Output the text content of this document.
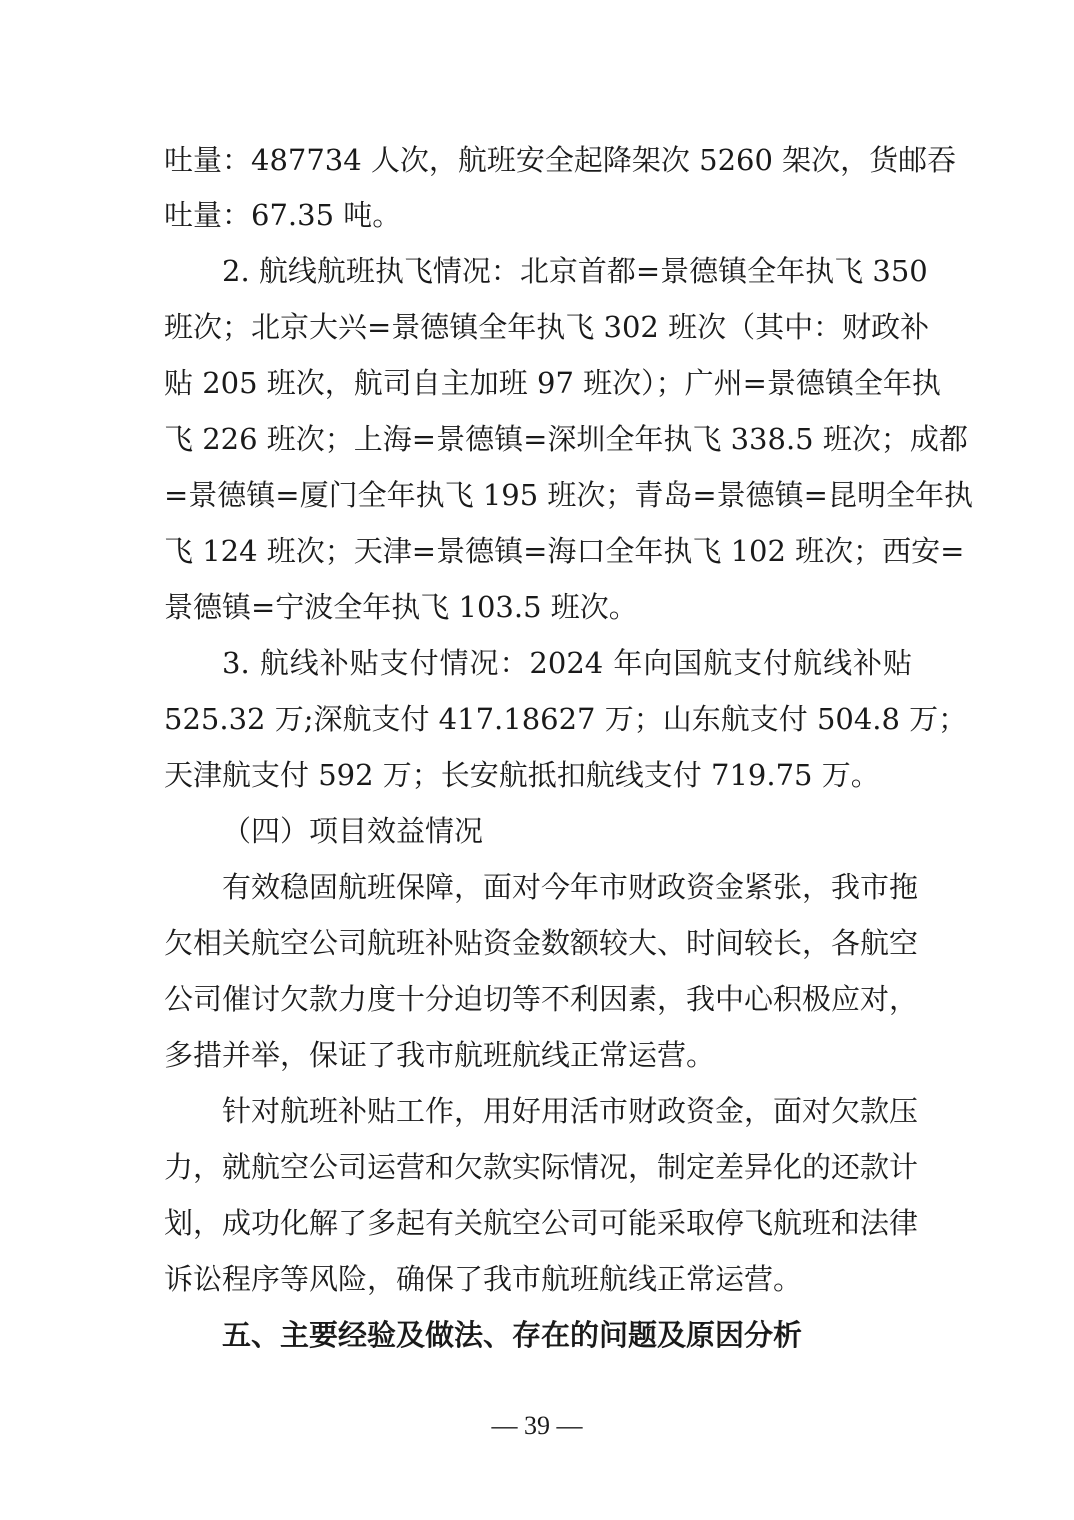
吐量：487734 人次，航班安全起降架次 5260 架次，货邮吞
吐量：67.35 吨。
2. 航线航班执飞情况：北京首都=景德镇全年执飞 350
班次；北京大兴=景德镇全年执飞 302 班次（其中：财政补
贴 205 班次，航司自主加班 97 班次）；广州=景德镇全年执
飞 226 班次；上海=景德镇=深圳全年执飞 338.5 班次；成都
=景德镇=厦门全年执飞 195 班次；青岛=景德镇=昆明全年执
飞 124 班次；天津=景德镇=海口全年执飞 102 班次；西安=
景德镇=宁波全年执飞 103.5 班次。
3. 航线补贴支付情况：2024 年向国航支付航线补贴
525.32 万;深航支付 417.18627 万；山东航支付 504.8 万；
天津航支付 592 万；长安航抵扣航线支付 719.75 万。
（四）项目效益情况
有效稳固航班保障，面对今年市财政资金紧张，我市拖
欠相关航空公司航班补贴资金数额较大、时间较长，各航空
公司催讨欠款力度十分迫切等不利因素，我中心积极应对，
多措并举，保证了我市航班航线正常运营。
针对航班补贴工作，用好用活市财政资金，面对欠款压
力，就航空公司运营和欠款实际情况，制定差异化的还款计
划，成功化解了多起有关航空公司可能采取停飞航班和法律
诉讼程序等风险，确保了我市航班航线正常运营。
五、主要经验及做法、存在的问题及原因分析
— 39 —
